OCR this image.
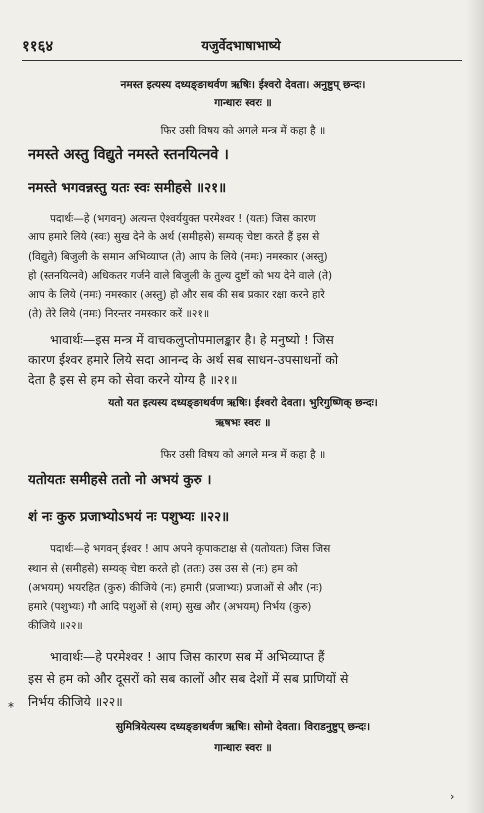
११६४	यजुर्वेदभाषाभाष्ये
नमस्त इत्यस्य दध्यङ्ङाथर्वण ऋषिः। ईश्वरो देवता। अनुष्टुप् छन्दः।
गान्धारः स्वरः ॥
फिर उसी विषय को अगले मन्त्र में कहा है ॥
नमस्ते अस्तु विद्युते नमस्ते स्तनयित्नवे ।
नमस्ते भगवन्नस्तु यतः स्वः समीहसे ॥२१॥
पदार्थः—हे (भगवन्) अत्यन्त ऐश्वर्ययुक्त परमेश्वर ! (यतः) जिस कारण
आप हमारे लिये (स्वः) सुख देने के अर्थ (समीहसे) सम्यक् चेष्टा करते हैं इस से
(विद्युते) बिजुली के समान अभिव्याप्त (ते) आप के लिये (नमः) नमस्कार (अस्तु)
हो (स्तनयित्नवे) अधिकतर गर्जने वाले बिजुली के तुल्य दुष्टों को भय देने वाले (ते)
आप के लिये (नमः) नमस्कार (अस्तु) हो और सब की सब प्रकार रक्षा करने हारे
(ते) तेरे लिये (नमः) निरन्तर नमस्कार करें ॥२१॥
भावार्थः—इस मन्त्र में वाचकलुप्तोपमालङ्कार है। हे मनुष्यो ! जिस
कारण ईश्वर हमारे लिये सदा आनन्द के अर्थ सब साधन-उपसाधनों को
देता है इस से हम को सेवा करने योग्य है ॥२१॥
यतो यत इत्यस्य दध्यङ्ङाथर्वण ऋषिः। ईश्वरो देवता। भुरिगुष्णिक् छन्दः।
ऋषभः स्वरः ॥
फिर उसी विषय को अगले मन्त्र में कहा है ॥
यतोयतः समीहसे ततो नो अभयं कुरु ।
शं नः कुरु प्रजाभ्योऽभयं नः पशुभ्यः ॥२२॥
पदार्थः—हे भगवन् ईश्वर ! आप अपने कृपाकटाक्ष से (यतोयतः) जिस जिस
स्थान से (समीहसे) सम्यक् चेष्टा करते हो (ततः) उस उस से (नः) हम को
(अभयम्) भयरहित (कुरु) कीजिये (नः) हमारी (प्रजाभ्यः) प्रजाओं से और (नः)
हमारे (पशुभ्यः) गौ आदि पशुओं से (शम्) सुख और (अभयम्) निर्भय (कुरु)
कीजिये ॥२२॥
भावार्थः—हे परमेश्वर ! आप जिस कारण सब में अभिव्याप्त हैं
इस से हम को और दूसरों को सब कालों और सब देशों में सब प्राणियों से
निर्भय कीजिये ॥२२॥
*
सुमित्रियेत्यस्य दध्यङ्ङाथर्वण ऋषिः। सोमो देवता। विराडनुष्टुप् छन्दः।
गान्धारः स्वरः ॥
›
